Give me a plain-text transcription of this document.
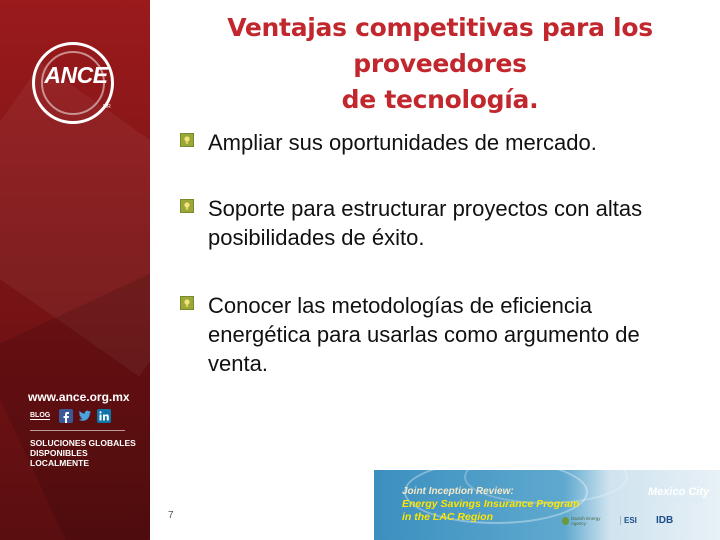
ANCE
MR
www.ance.org.mx
BLOG
SOLUCIONES GLOBALES DISPONIBLES LOCALMENTE
Ventajas competitivas para los proveedores
de tecnología.
Ampliar sus oportunidades de mercado.
Soporte para estructurar proyectos con altas posibilidades de éxito.
Conocer las metodologías de eficiencia energética para usarlas como argumento de venta.
7
Joint Inception Review:
Energy Savings Insurance Program
in the LAC Region
Mexico City
MARCH 9-10 2017
Danish Energy Agency	ESI IDB
